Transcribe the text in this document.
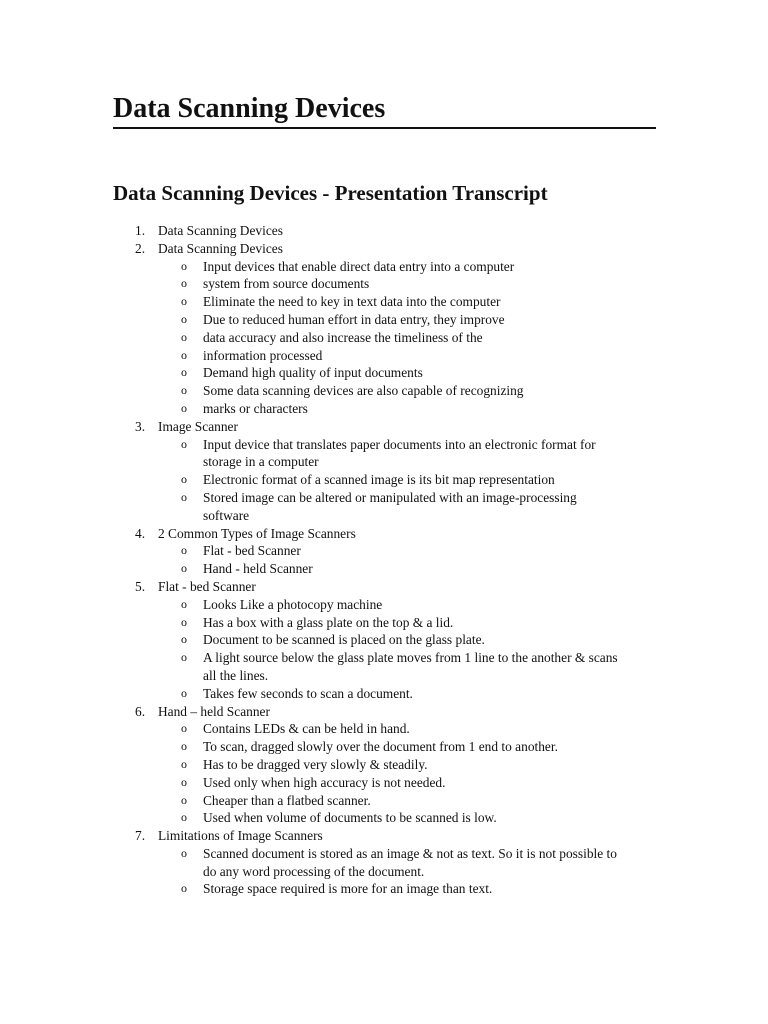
Data Scanning Devices
Data Scanning Devices - Presentation Transcript
1. Data Scanning Devices
2. Data Scanning Devices
o Input devices that enable direct data entry into a computer
o system from source documents
o Eliminate the need to key in text data into the computer
o Due to reduced human effort in data entry, they improve
o data accuracy and also increase the timeliness of the
o information processed
o Demand high quality of input documents
o Some data scanning devices are also capable of recognizing
o marks or characters
3. Image Scanner
o Input device that translates paper documents into an electronic format for storage in a computer
o Electronic format of a scanned image is its bit map representation
o Stored image can be altered or manipulated with an image-processing software
4. 2 Common Types of Image Scanners
o Flat - bed Scanner
o Hand - held Scanner
5. Flat - bed Scanner
o Looks Like a photocopy machine
o Has a box with a glass plate on the top & a lid.
o Document to be scanned is placed on the glass plate.
o A light source below the glass plate moves from 1 line to the another & scans all the lines.
o Takes few seconds to scan a document.
6. Hand – held Scanner
o Contains LEDs & can be held in hand.
o To scan, dragged slowly over the document from 1 end to another.
o Has to be dragged very slowly & steadily.
o Used only when high accuracy is not needed.
o Cheaper than a flatbed scanner.
o Used when volume of documents to be scanned is low.
7. Limitations of Image Scanners
o Scanned document is stored as an image & not as text. So it is not possible to do any word processing of the document.
o Storage space required is more for an image than text.
